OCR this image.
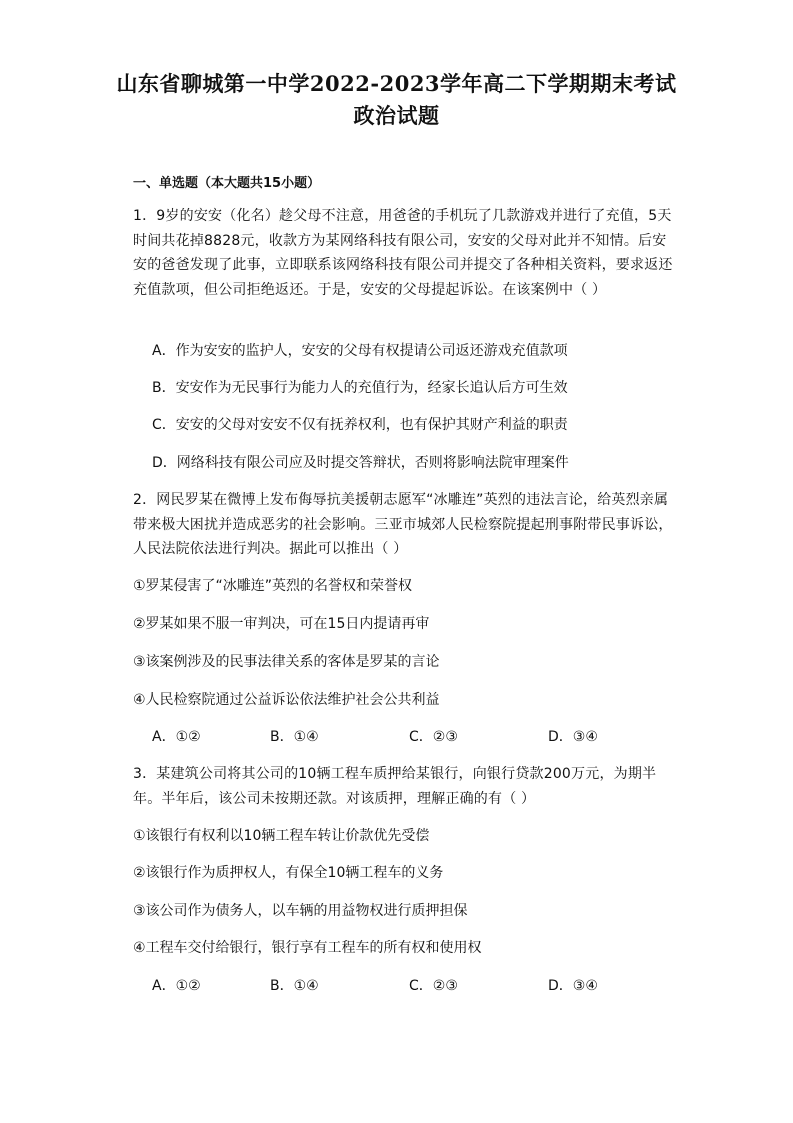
山东省聊城第一中学2022-2023学年高二下学期期末考试
政治试题
一、单选题（本大题共15小题）
1．9岁的安安（化名）趁父母不注意，用爸爸的手机玩了几款游戏并进行了充值，5天时间共花掉8828元，收款方为某网络科技有限公司，安安的父母对此并不知情。后安安的爸爸发现了此事，立即联系该网络科技有限公司并提交了各种相关资料，要求返还充值款项，但公司拒绝返还。于是，安安的父母提起诉讼。在该案例中（ ）
A．作为安安的监护人，安安的父母有权提请公司返还游戏充值款项
B．安安作为无民事行为能力人的充值行为，经家长追认后方可生效
C．安安的父母对安安不仅有抚养权利，也有保护其财产利益的职责
D．网络科技有限公司应及时提交答辩状，否则将影响法院审理案件
2．网民罗某在微博上发布侮辱抗美援朝志愿军“冰雕连”英烈的违法言论，给英烈亲属带来极大困扰并造成恶劣的社会影响。三亚市城郊人民检察院提起刑事附带民事诉讼，人民法院依法进行判决。据此可以推出（ ）
①罗某侵害了“冰雕连”英烈的名誉权和荣誉权
②罗某如果不服一审判决，可在15日内提请再审
③该案例涉及的民事法律关系的客体是罗某的言论
④人民检察院通过公益诉讼依法维护社会公共利益
A．①②	B．①④	C．②③	D．③④
3．某建筑公司将其公司的10辆工程车质押给某银行，向银行贷款200万元，为期半年。半年后，该公司未按期还款。对该质押，理解正确的有（ ）
①该银行有权利以10辆工程车转让价款优先受偿
②该银行作为质押权人，有保全10辆工程车的义务
③该公司作为债务人，以车辆的用益物权进行质押担保
④工程车交付给银行，银行享有工程车的所有权和使用权
A．①②	B．①④	C．②③	D．③④
